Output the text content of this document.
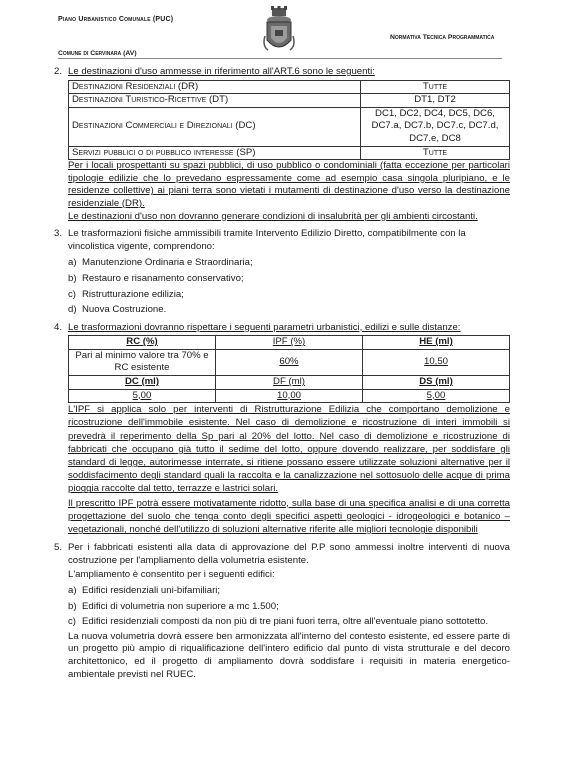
Piano Urbanistico Comunale (PUC)
Comune di Cervinara (AV)
Normativa Tecnica Programmatica
2. Le destinazioni d'uso ammesse in riferimento all'ART.6 sono le seguenti:

Destinazioni Residenziali (DR)	Tutte
Destinazioni Turistico-Ricettive (DT)	DT1, DT2
Destinazioni Commerciali e Direzionali (DC)	DC1, DC2, DC4, DC5, DC6, DC7.a, DC7.b, DC7.c, DC7.d, DC7.e, DC8
Servizi pubblici o di pubblico interesse (SP)	Tutte

Per i locali prospettanti su spazi pubblici, di uso pubblico o condominiali (fatta eccezione per particolari tipologie edilizie che lo prevedano espressamente come ad esempio casa singola pluripiano, e le residenze collettive) ai piani terra sono vietati i mutamenti di destinazione d'uso verso la destinazione residenziale (DR).

Le destinazioni d'uso non dovranno generare condizioni di insalubrità per gli ambienti circostanti.

3. Le trasformazioni fisiche ammissibili tramite Intervento Edilizio Diretto, compatibilmente con la vincolistica vigente, comprendono:

a) Manutenzione Ordinaria e Straordinaria;
b) Restauro e risanamento conservativo;
c) Ristrutturazione edilizia;
d) Nuova Costruzione.
4. Le trasformazioni dovranno rispettare i seguenti parametri urbanistici, edilizi e sulle distanze:

RC (%)	IPF (%)	HE (ml)
Pari al minimo valore tra 70% e RC esistente	60%	10,50
DC (ml)	DF (ml)	DS (ml)
5,00	10,00	5,00

L'IPF si applica solo per interventi di Ristrutturazione Edilizia che comportano demolizione e ricostruzione dell'immobile esistente. Nel caso di demolizione e ricostruzione di interi immobili si prevedrà il reperimento della Sp pari al 20% del lotto. Nel caso di demolizione e ricostruzione di fabbricati che occupano già tutto il sedime del lotto, oppure dovendo realizzare, per soddisfare gli standard di legge, autorimesse interrate, si ritiene possano essere utilizzate soluzioni alternative per il soddisfacimento degli standard quali la raccolta e la canalizzazione nel sottosuolo delle acque di prima pioggia raccolte dal tetto, terrazze e lastrici solari.

Il prescritto IPF potrà essere motivatamente ridotto, sulla base di una specifica analisi e di una corretta progettazione del suolo che tenga conto degli specifici aspetti geologici - idrogeologici e botanico – vegetazionali, nonché dell'utilizzo di soluzioni alternative riferite alle migliori tecnologie disponibili

5. Per i fabbricati esistenti alla data di approvazione del P.P sono ammessi inoltre interventi di nuova costruzione per l'ampliamento della volumetria esistente.

L'ampliamento è consentito per i seguenti edifici:

a) Edifici residenziali uni-bifamiliari;
b) Edifici di volumetria non superiore a mc 1.500;
c) Edifici residenziali composti da non più di tre piani fuori terra, oltre all'eventuale piano sottotetto.

La nuova volumetria dovrà essere ben armonizzata all'interno del contesto esistente, ed essere parte di un progetto più ampio di riqualificazione dell'intero edificio dal punto di vista strutturale e del decoro architettonico, ed il progetto di ampliamento dovrà soddisfare i requisiti in materia energetico-ambientale previsti nel RUEC.
